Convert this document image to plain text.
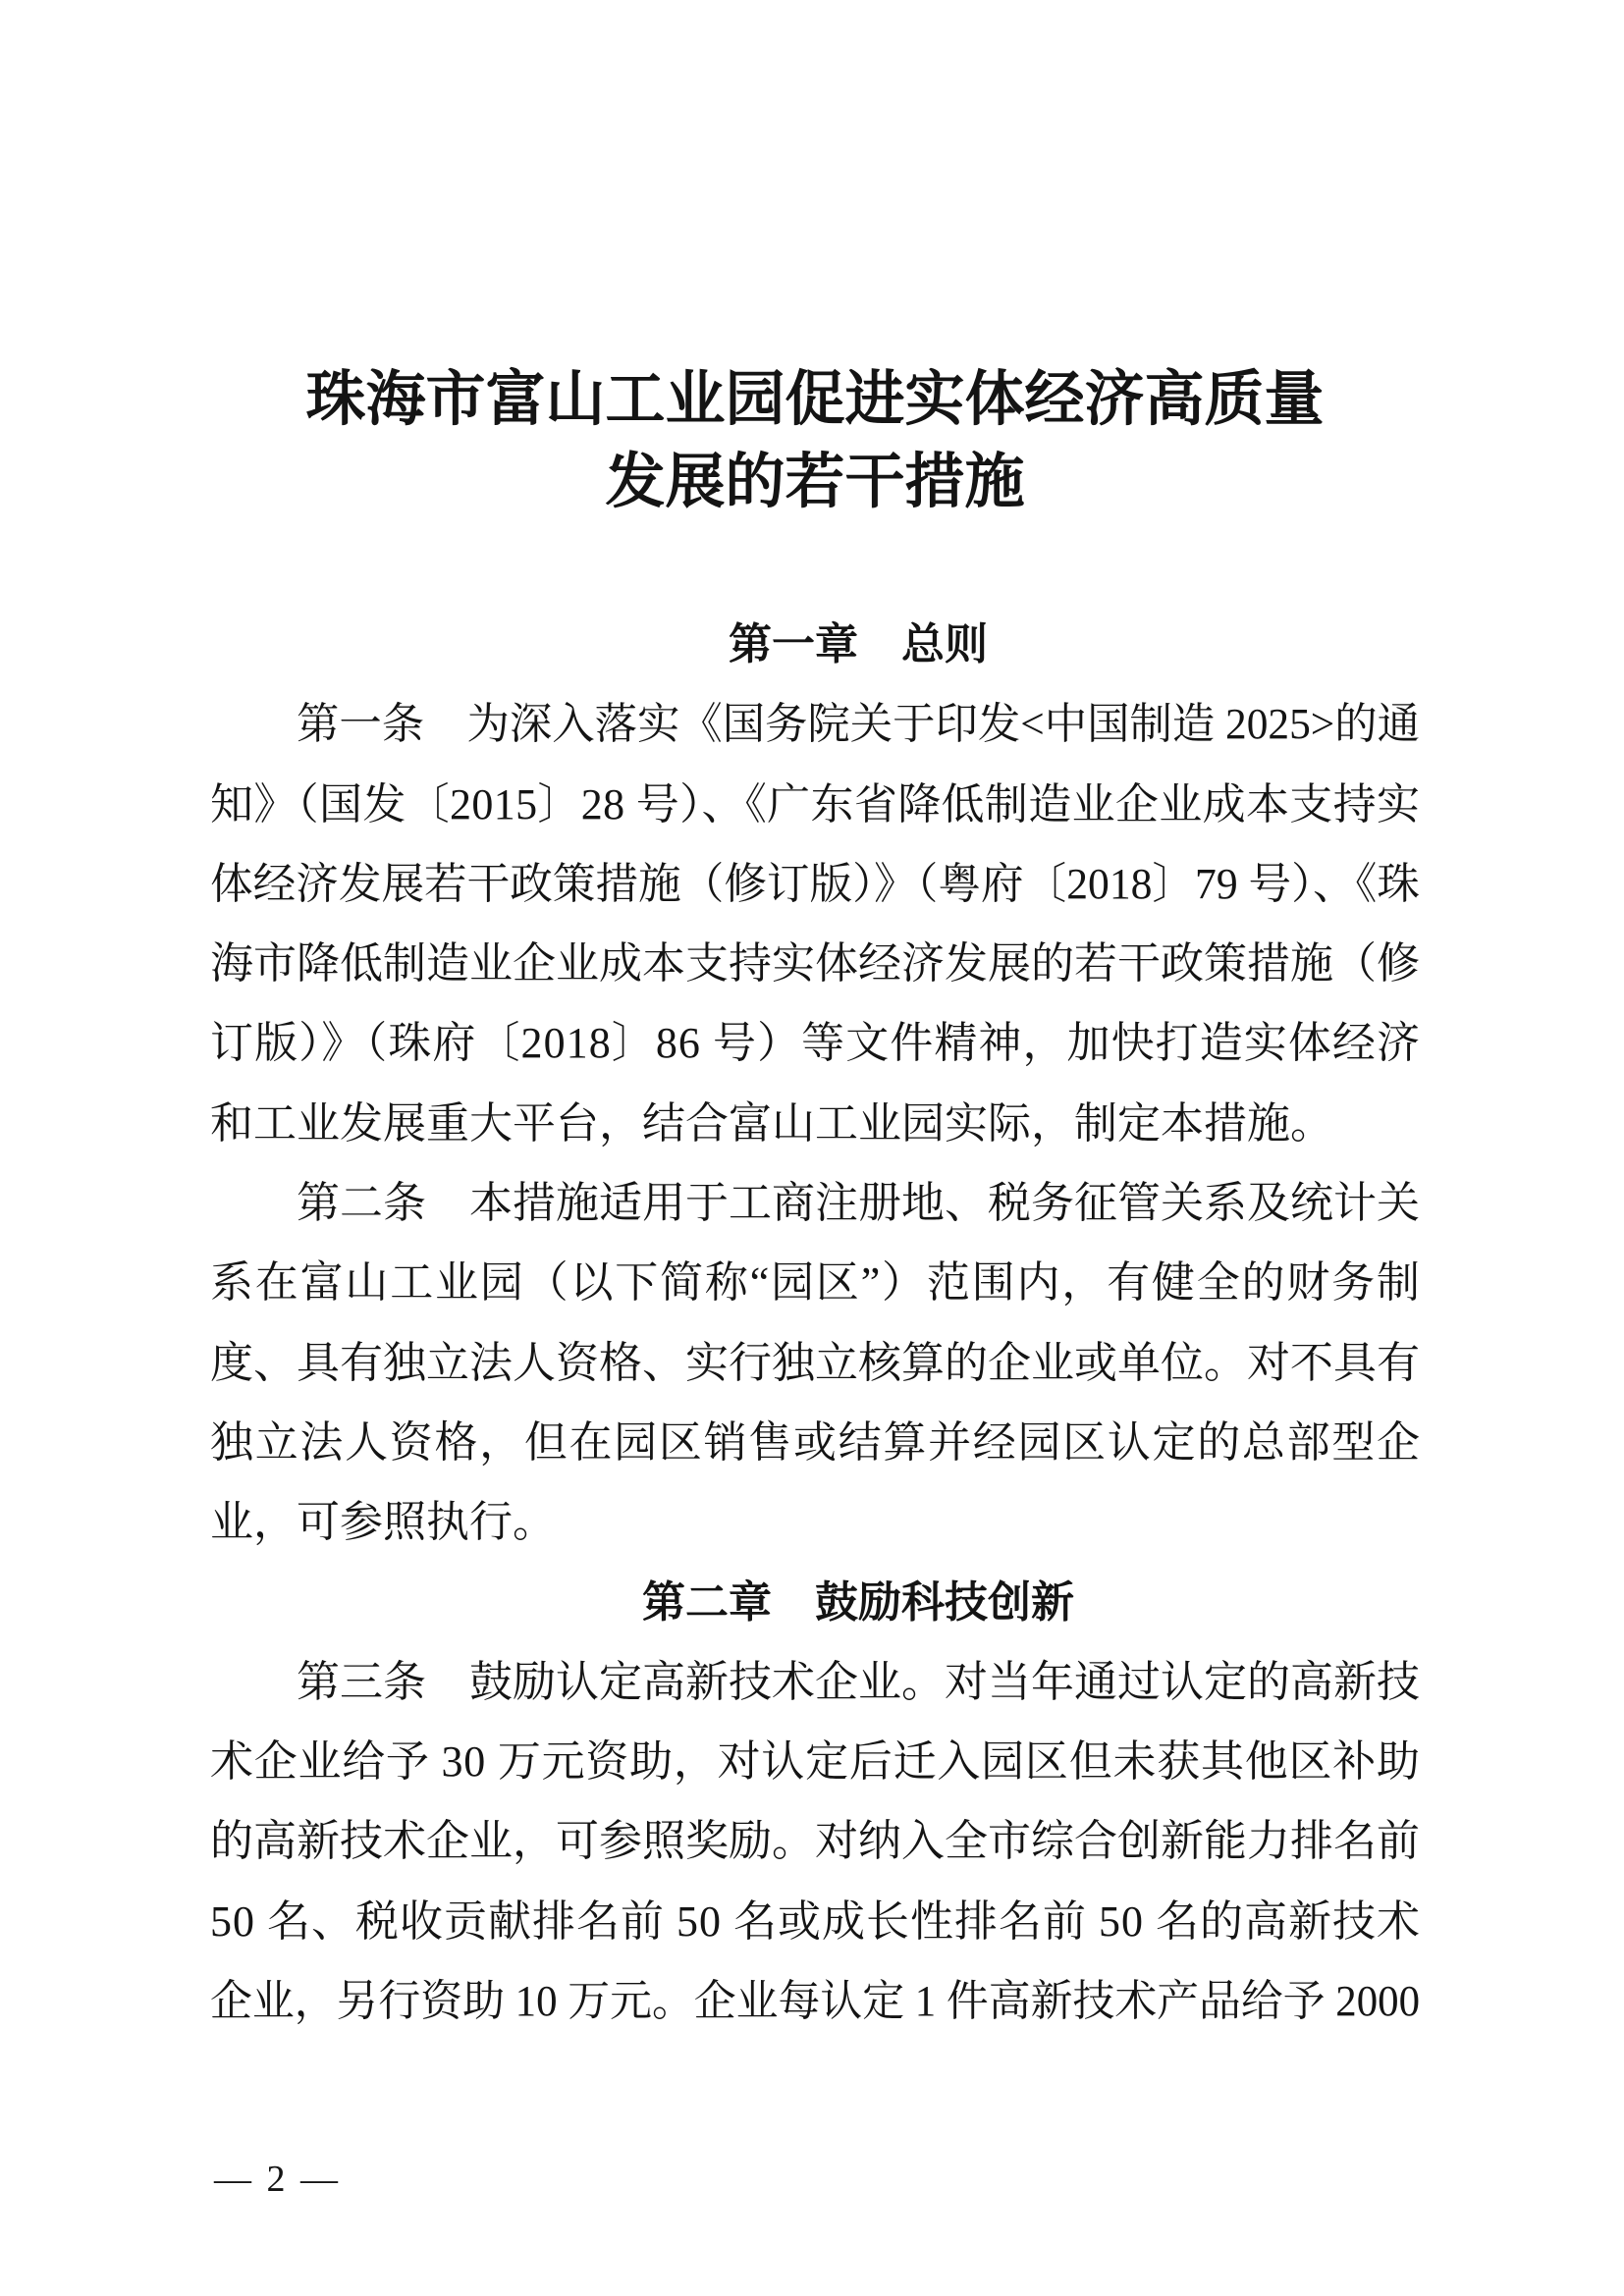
珠海市富山工业园促进实体经济高质量
发展的若干措施
第一章　总则
第一条　为深入落实《国务院关于印发<中国制造 2025>的通
知》（国发〔2015〕28 号）、《广东省降低制造业企业成本支持实
体经济发展若干政策措施（修订版）》（粤府〔2018〕79 号）、《珠
海市降低制造业企业成本支持实体经济发展的若干政策措施（修
订版）》（珠府〔2018〕86 号）等文件精神，加快打造实体经济
和工业发展重大平台，结合富山工业园实际，制定本措施。
第二条　本措施适用于工商注册地、税务征管关系及统计关
系在富山工业园（以下简称“园区”）范围内，有健全的财务制
度、具有独立法人资格、实行独立核算的企业或单位。对不具有
独立法人资格，但在园区销售或结算并经园区认定的总部型企
业，可参照执行。
第二章　鼓励科技创新
第三条　鼓励认定高新技术企业。对当年通过认定的高新技
术企业给予 30 万元资助，对认定后迁入园区但未获其他区补助
的高新技术企业，可参照奖励。对纳入全市综合创新能力排名前
50 名、税收贡献排名前 50 名或成长性排名前 50 名的高新技术
企业，另行资助 10 万元。企业每认定 1 件高新技术产品给予 2000
— 2 —
